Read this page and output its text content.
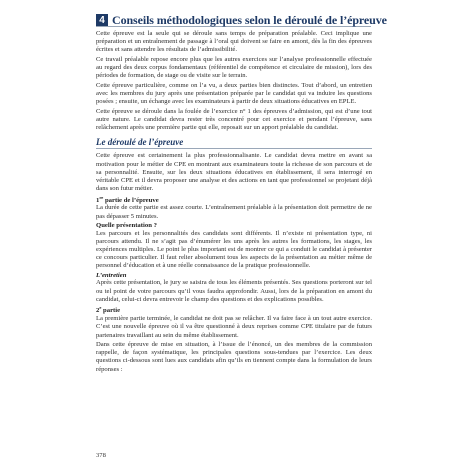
4 Conseils méthodologiques selon le déroulé de l’épreuve

Cette épreuve est la seule qui se déroule sans temps de préparation préalable. Ceci implique une préparation et un entraînement de passage à l’oral qui doivent se faire en amont, dès la fin des épreuves écrites et sans attendre les résultats de l’admissibilité.

Ce travail préalable repose encore plus que les autres exercices sur l’analyse professionnelle effectuée au regard des deux corpus fondamentaux (référentiel de compétence et circulaire de mission), lors des périodes de formation, de stage ou de visite sur le terrain.

Cette épreuve particulière, comme on l’a vu, a deux parties bien distinctes. Tout d’abord, un entretien avec les membres du jury après une présentation préparée par le candidat qui va induire les questions posées ; ensuite, un échange avec les examinateurs à partir de deux situations éducatives en EPLE.

Cette épreuve se déroule dans la foulée de l’exercice n° 1 des épreuves d’admission, qui est d’une tout autre nature. Le candidat devra rester très concentré pour cet exercice et pendant l’épreuve, sans relâchement après une première partie qui elle, reposait sur un apport préalable du candidat.

Le déroulé de l’épreuve

Cette épreuve est certainement la plus professionnalisante. Le candidat devra mettre en avant sa motivation pour le métier de CPE en montrant aux examinateurs toute la richesse de son parcours et de sa personnalité. Ensuite, sur les deux situations éducatives en établissement, il sera interrogé en véritable CPE et il devra proposer une analyse et des actions en tant que professionnel se projetant déjà dans son futur métier.

1re partie de l’épreuve

La durée de cette partie est assez courte. L’entraînement préalable à la présentation doit permettre de ne pas dépasser 5 minutes.

Quelle présentation ?

Les parcours et les personnalités des candidats sont différents. Il n’existe ni présentation type, ni parcours attendu. Il ne s’agit pas d’énumérer les uns après les autres les formations, les stages, les expériences multiples. Le point le plus important est de montrer ce qui a conduit le candidat à présenter ce concours particulier. Il faut relier absolument tous les aspects de la présentation au métier même de personnel d’éducation et à une réelle connaissance de la pratique professionnelle.

L’entretien

Après cette présentation, le jury se saisira de tous les éléments présentés. Ses questions porteront sur tel ou tel point de votre parcours qu’il vous faudra approfondir. Aussi, lors de la préparation en amont du candidat, celui-ci devra entrevoir le champ des questions et des explications possibles.

2e partie

La première partie terminée, le candidat ne doit pas se relâcher. Il va faire face à un tout autre exercice. C’est une nouvelle épreuve où il va être questionné à deux reprises comme CPE titulaire par de futurs partenaires travaillant au sein du même établissement.

Dans cette épreuve de mise en situation, à l’issue de l’énoncé, un des membres de la commission rappelle, de façon systématique, les principales questions sous-tendues par l’exercice. Les deux questions ci-dessous sont lues aux candidats afin qu’ils en tiennent compte dans la formulation de leurs réponses :

378
